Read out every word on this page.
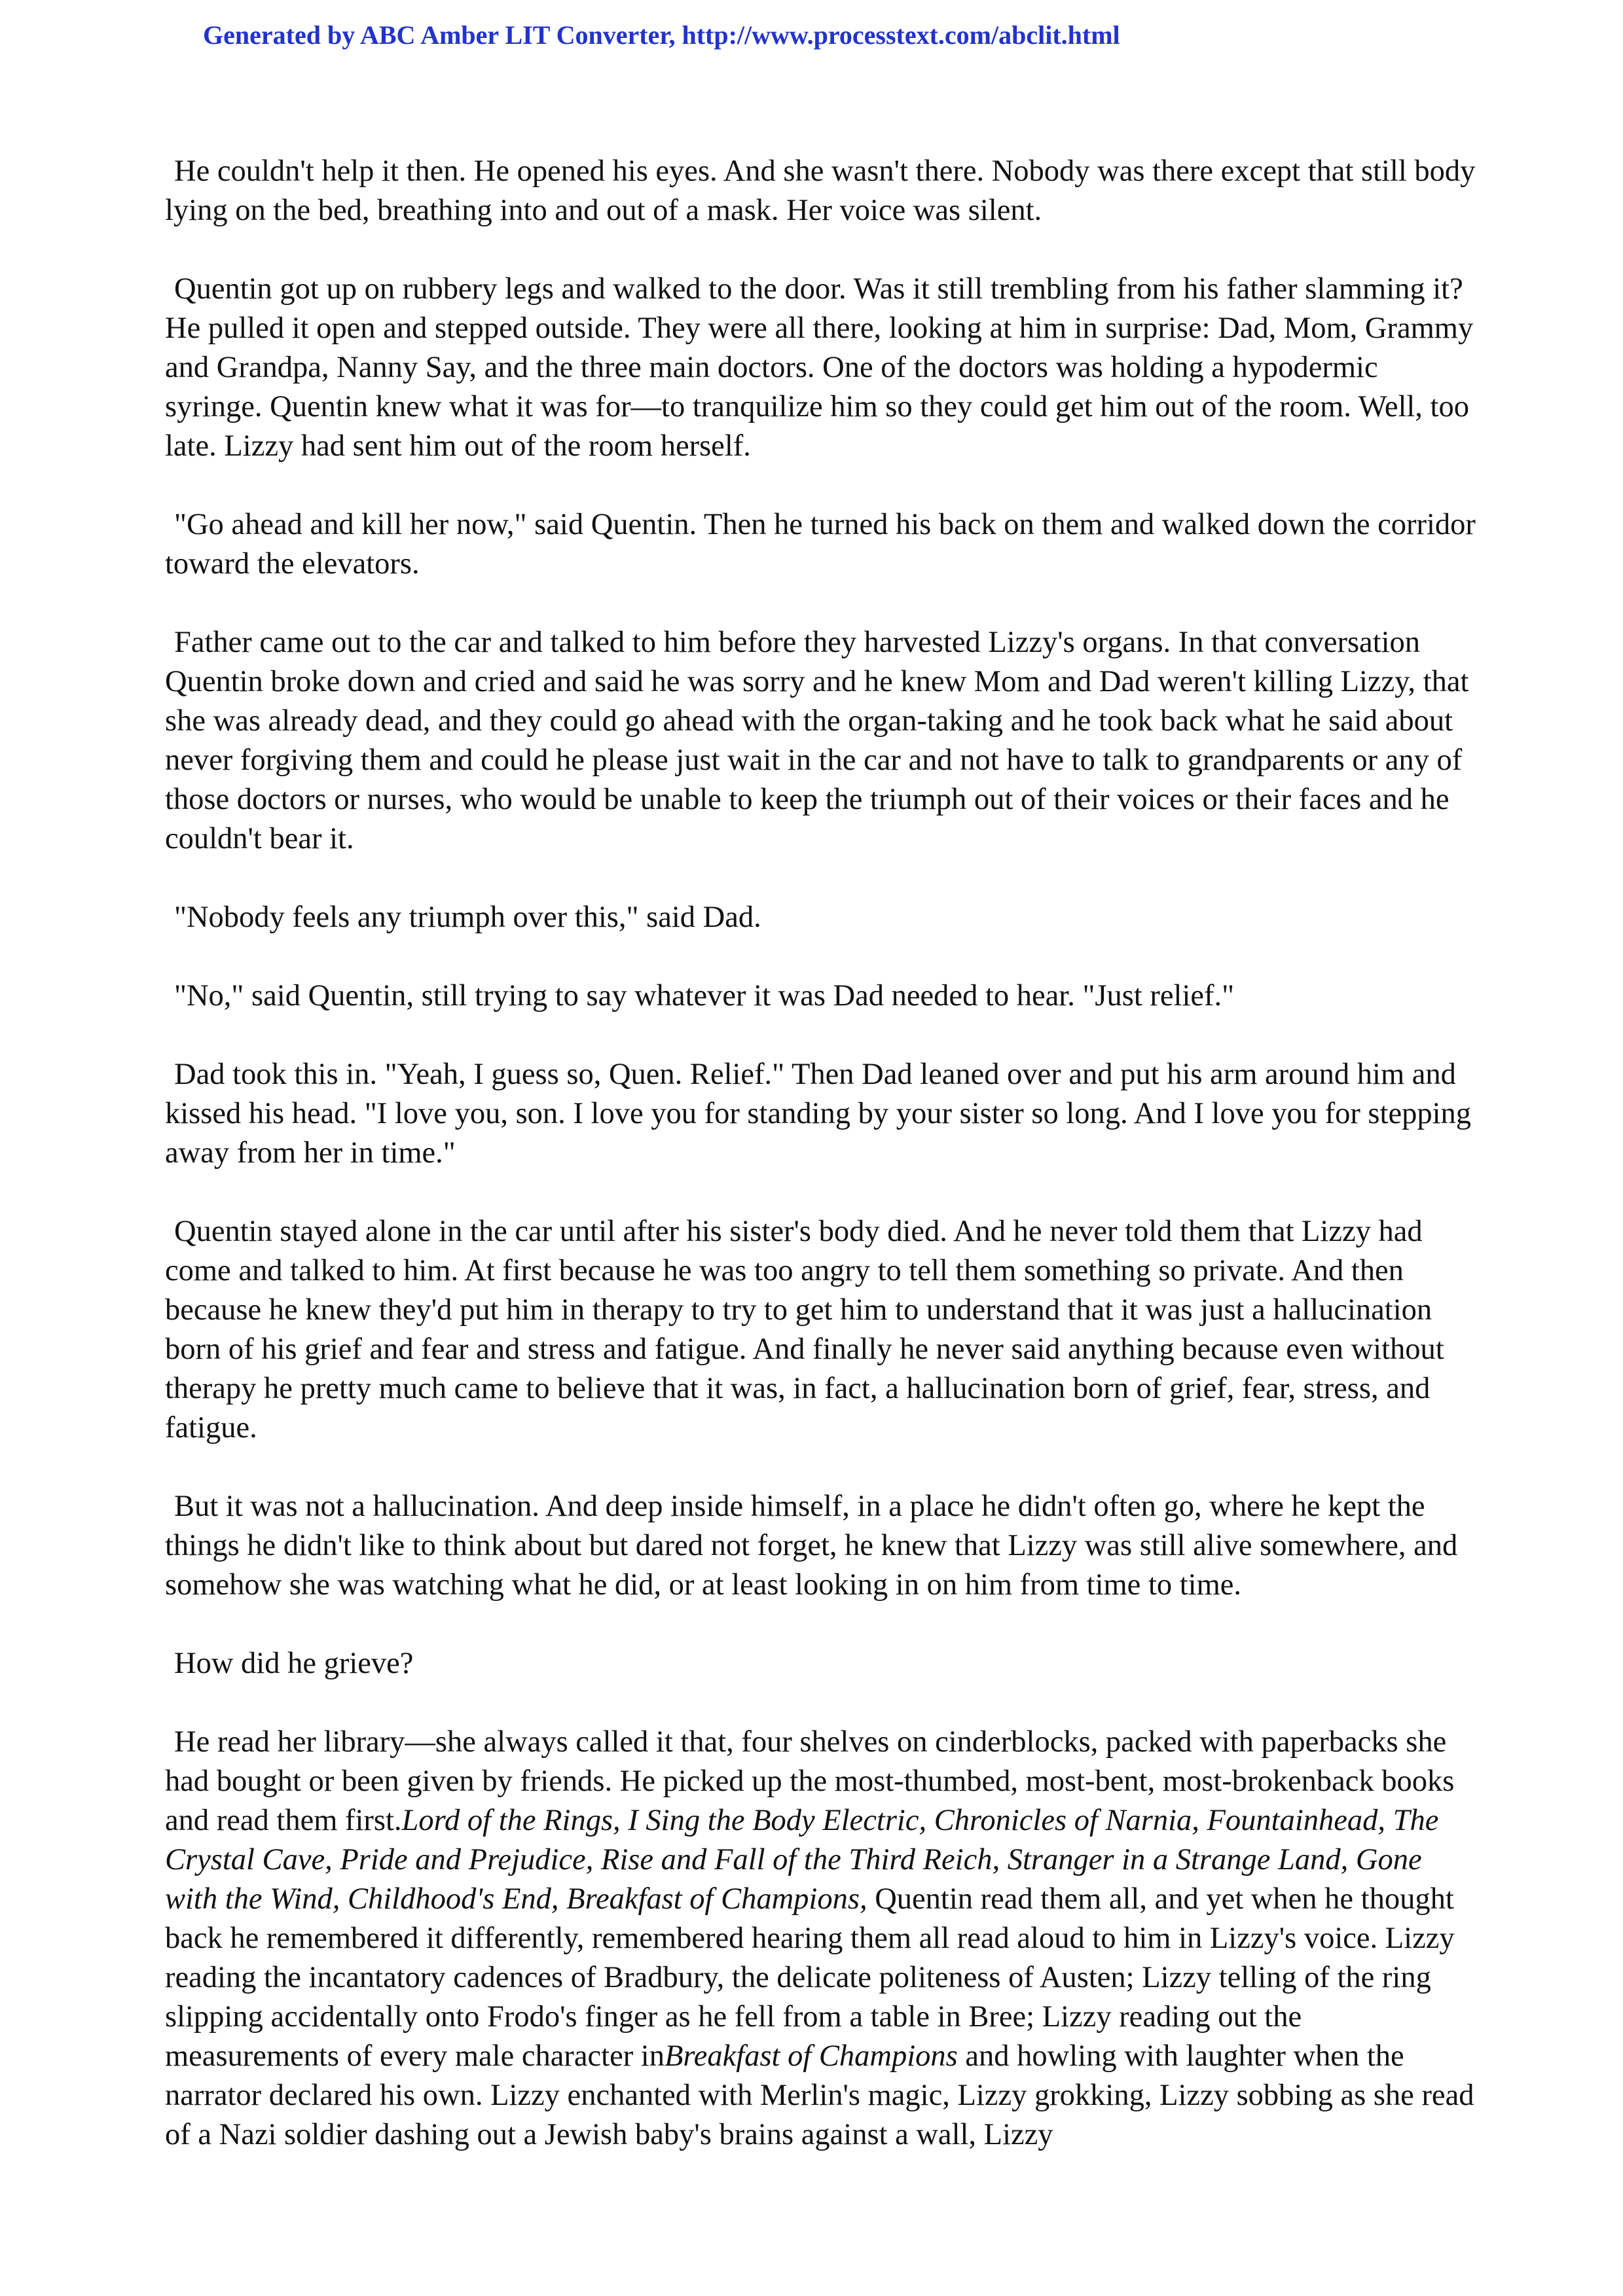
Generated by ABC Amber LIT Converter, http://www.processtext.com/abclit.html

He couldn't help it then. He opened his eyes. And she wasn't there. Nobody was there except that still body lying on the bed, breathing into and out of a mask. Her voice was silent.

Quentin got up on rubbery legs and walked to the door. Was it still trembling from his father slamming it? He pulled it open and stepped outside. They were all there, looking at him in surprise: Dad, Mom, Grammy and Grandpa, Nanny Say, and the three main doctors. One of the doctors was holding a hypodermic syringe. Quentin knew what it was for—to tranquilize him so they could get him out of the room. Well, too late. Lizzy had sent him out of the room herself.

"Go ahead and kill her now," said Quentin. Then he turned his back on them and walked down the corridor toward the elevators.

Father came out to the car and talked to him before they harvested Lizzy's organs. In that conversation Quentin broke down and cried and said he was sorry and he knew Mom and Dad weren't killing Lizzy, that she was already dead, and they could go ahead with the organ-taking and he took back what he said about never forgiving them and could he please just wait in the car and not have to talk to grandparents or any of those doctors or nurses, who would be unable to keep the triumph out of their voices or their faces and he couldn't bear it.

"Nobody feels any triumph over this," said Dad.

"No," said Quentin, still trying to say whatever it was Dad needed to hear. "Just relief."

Dad took this in. "Yeah, I guess so, Quen. Relief." Then Dad leaned over and put his arm around him and kissed his head. "I love you, son. I love you for standing by your sister so long. And I love you for stepping away from her in time."

Quentin stayed alone in the car until after his sister's body died. And he never told them that Lizzy had come and talked to him. At first because he was too angry to tell them something so private. And then because he knew they'd put him in therapy to try to get him to understand that it was just a hallucination born of his grief and fear and stress and fatigue. And finally he never said anything because even without therapy he pretty much came to believe that it was, in fact, a hallucination born of grief, fear, stress, and fatigue.

But it was not a hallucination. And deep inside himself, in a place he didn't often go, where he kept the things he didn't like to think about but dared not forget, he knew that Lizzy was still alive somewhere, and somehow she was watching what he did, or at least looking in on him from time to time.

How did he grieve?

He read her library—she always called it that, four shelves on cinderblocks, packed with paperbacks she had bought or been given by friends. He picked up the most-thumbed, most-bent, most-brokenback books and read them first.Lord of the Rings, I Sing the Body Electric, Chronicles of Narnia, Fountainhead, The Crystal Cave, Pride and Prejudice, Rise and Fall of the Third Reich, Stranger in a Strange Land, Gone with the Wind, Childhood's End, Breakfast of Champions, Quentin read them all, and yet when he thought back he remembered it differently, remembered hearing them all read aloud to him in Lizzy's voice. Lizzy reading the incantatory cadences of Bradbury, the delicate politeness of Austen; Lizzy telling of the ring slipping accidentally onto Frodo's finger as he fell from a table in Bree; Lizzy reading out the measurements of every male character inBreakfast of Champions and howling with laughter when the narrator declared his own. Lizzy enchanted with Merlin's magic, Lizzy grokking, Lizzy sobbing as she read of a Nazi soldier dashing out a Jewish baby's brains against a wall, Lizzy
